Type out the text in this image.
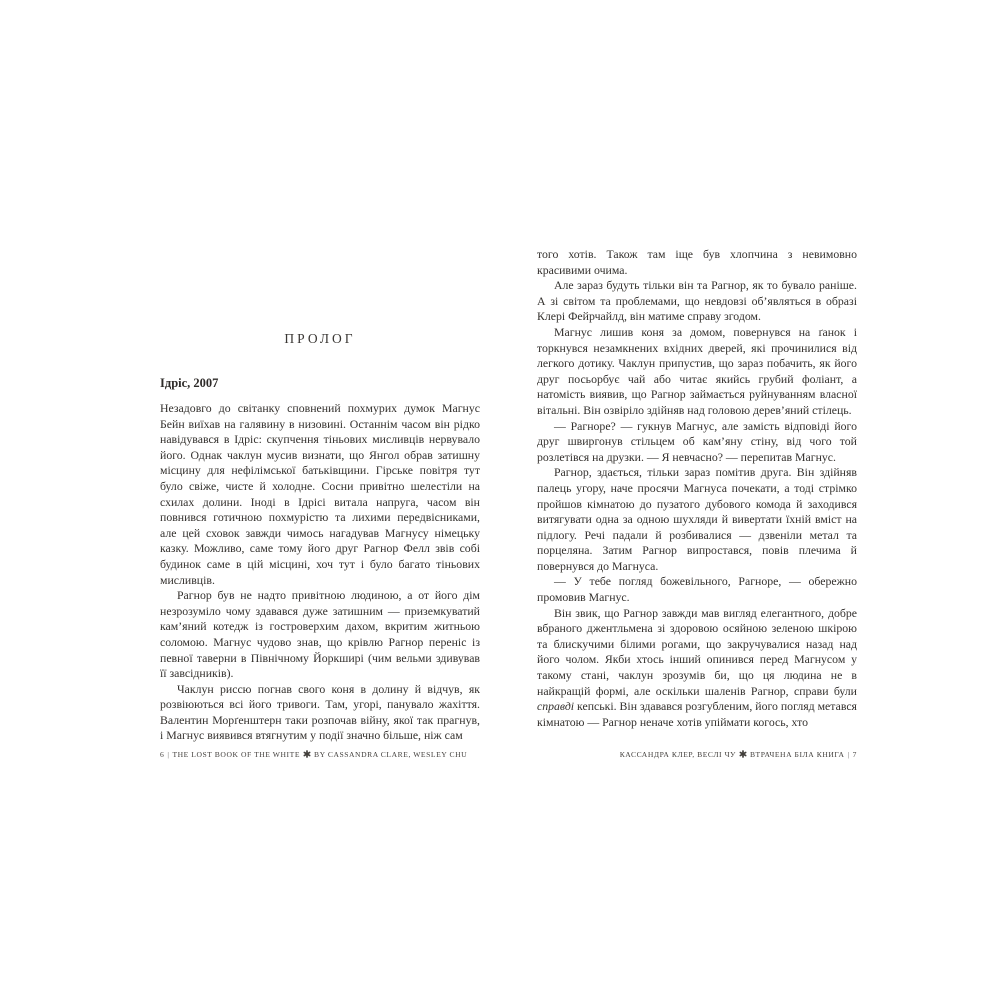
ПРОЛОГ
Ідріс, 2007

Незадовго до світанку сповнений похмурих думок Магнус Бейн виїхав на галявину в низовині. Останнім часом він рідко навідувався в Ідріс: скупчення тіньових мисливців нервувало його. Однак чаклун мусив визнати, що Янгол обрав затишну місцину для нефілімської батьківщини. Гірське повітря тут було свіже, чисте й холодне. Сосни привітно шелестіли на схилах долини. Іноді в Ідрісі витала напруга, часом він повнився готичною похмурістю та лихими передвісниками, але цей сховок завжди чимось нагадував Магнусу німецьку казку. Можливо, саме тому його друг Рагнор Фелл звів собі будинок саме в цій місцині, хоч тут і було багато тіньових мисливців.

Рагнор був не надто привітною людиною, а от його дім незрозуміло чому здавався дуже затишним — приземкуватий кам’яний котедж із гостроверхим дахом, вкритим житньою соломою. Магнус чудово знав, що крівлю Рагнор переніс із певної таверни в Північному Йоркширі (чим вельми здивував її завсідників).

Чаклун риссю погнав свого коня в долину й відчув, як розвіюються всі його тривоги. Там, угорі, панувало жахіття. Валентин Морґенштерн таки розпочав війну, якої так прагнув, і Магнус виявився втягнутим у події значно більше, ніж сам

того хотів. Також там іще був хлопчина з невимовно красивими очима.

Але зараз будуть тільки він та Рагнор, як то бувало раніше. А зі світом та проблемами, що невдовзі об’являться в образі Клері Фейрчайлд, він матиме справу згодом.

Магнус лишив коня за домом, повернувся на ґанок і торкнувся незамкнених вхідних дверей, які прочинилися від легкого дотику. Чаклун припустив, що зараз побачить, як його друг посьорбує чай або читає якийсь грубий фоліант, а натомість виявив, що Рагнор займається руйнуванням власної вітальні. Він озвіріло здійняв над головою дерев’яний стілець.

— Рагноре? — гукнув Магнус, але замість відповіді його друг швиргонув стільцем об кам’яну стіну, від чого той розлетівся на друзки. — Я невчасно? — перепитав Магнус.

Рагнор, здається, тільки зараз помітив друга. Він здійняв палець угору, наче просячи Магнуса почекати, а тоді стрімко пройшов кімнатою до пузатого дубового комода й заходився витягувати одна за одною шухляди й вивертати їхній вміст на підлогу. Речі падали й розбивалися — дзвеніли метал та порцеляна. Затим Рагнор випростався, повів плечима й повернувся до Магнуса.

— У тебе погляд божевільного, Рагноре, — обережно промовив Магнус.

Він звик, що Рагнор завжди мав вигляд елегантного, добре вбраного джентльмена зі здоровою осяйною зеленою шкірою та блискучими білими рогами, що закручувалися назад над його чолом. Якби хтось інший опинився перед Магнусом у такому стані, чаклун зрозумів би, що ця людина не в найкращій формі, але оскільки шаленів Рагнор, справи були справді кепські. Він здавався розгубленим, його погляд метався кімнатою — Рагнор неначе хотів упіймати когось, хто

6 | THE LOST BOOK OF THE WHITE BY CASSANDRA CLARE, WESLEY CHU	КАССАНДРА КЛЕР, ВЕСЛІ ЧУ ВТРАЧЕНА БІЛА КНИГА | 7
